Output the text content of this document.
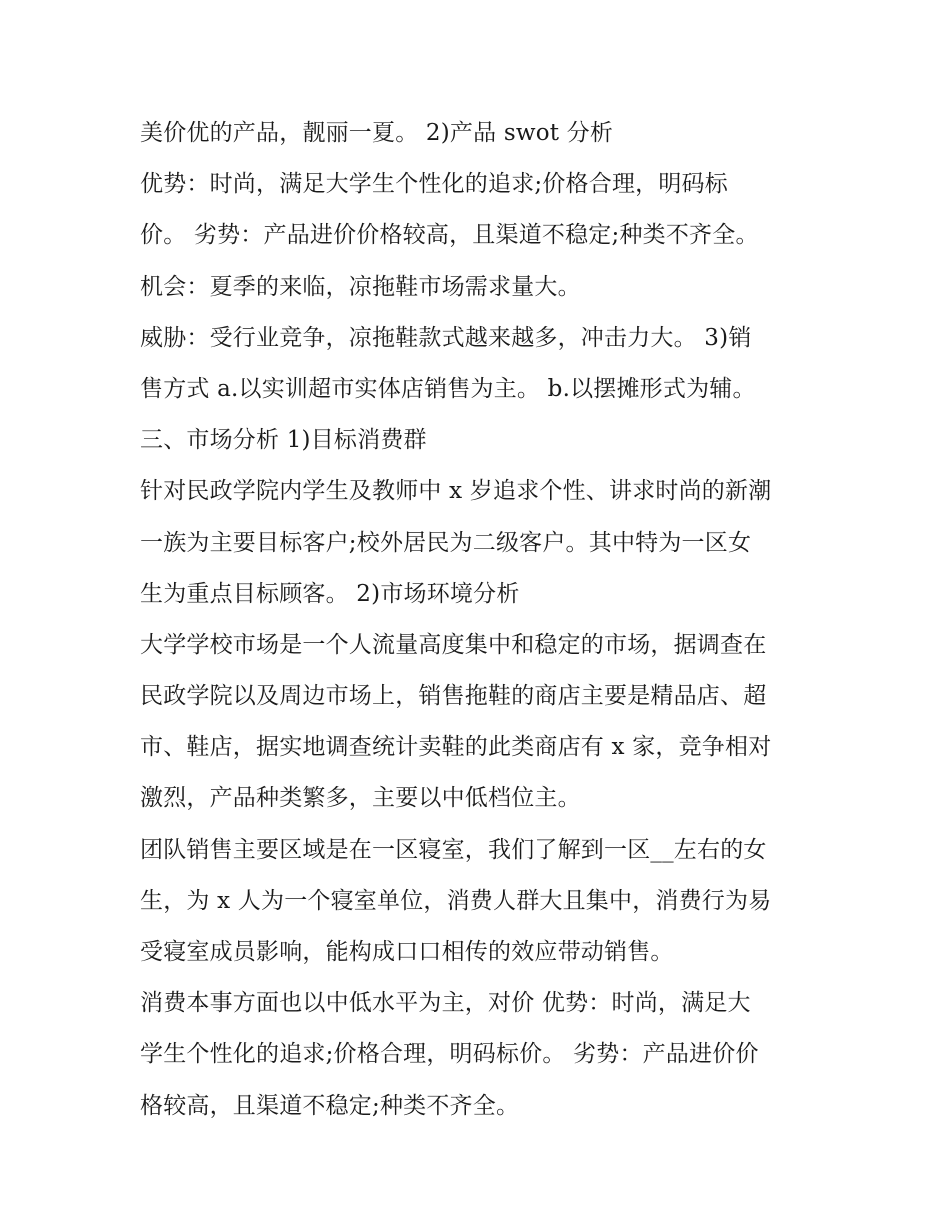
美价优的产品，靓丽一夏。 2)产品 swot 分析
优势：时尚，满足大学生个性化的追求;价格合理，明码标
价。 劣势：产品进价价格较高，且渠道不稳定;种类不齐全。
机会：夏季的来临，凉拖鞋市场需求量大。
威胁：受行业竞争，凉拖鞋款式越来越多，冲击力大。 3)销
售方式 a.以实训超市实体店销售为主。 b.以摆摊形式为辅。
三、市场分析 1)目标消费群
针对民政学院内学生及教师中 x 岁追求个性、讲求时尚的新潮
一族为主要目标客户;校外居民为二级客户。其中特为一区女
生为重点目标顾客。 2)市场环境分析
大学学校市场是一个人流量高度集中和稳定的市场，据调查在
民政学院以及周边市场上，销售拖鞋的商店主要是精品店、超
市、鞋店，据实地调查统计卖鞋的此类商店有 x 家，竞争相对
激烈，产品种类繁多，主要以中低档位主。
团队销售主要区域是在一区寝室，我们了解到一区__左右的女
生，为 x 人为一个寝室单位，消费人群大且集中，消费行为易
受寝室成员影响，能构成口口相传的效应带动销售。
消费本事方面也以中低水平为主，对价 优势：时尚，满足大
学生个性化的追求;价格合理，明码标价。 劣势：产品进价价
格较高，且渠道不稳定;种类不齐全。
